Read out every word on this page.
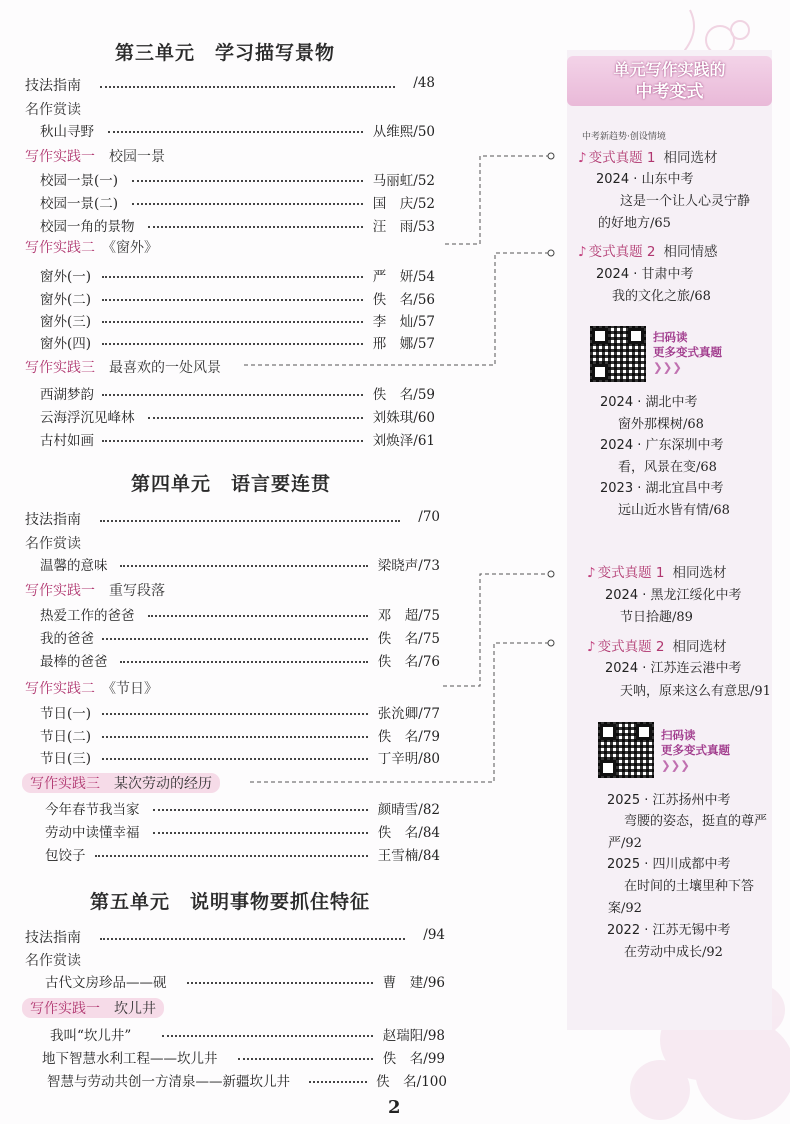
单元写作实践的
中考变式
中考新趋势·创设情境
第三单元　学习描写景物
技法指南	/48
名作赏读
秋山寻野	从维熙/50
写作实践一　 校园一景
校园一景(一)	马丽虹/52
校园一景(二)	国　庆/52
校园一角的景物	汪　雨/53
写作实践二　 《窗外》
窗外(一)	严　妍/54
窗外(二)	佚　名/56
窗外(三)	李　灿/57
窗外(四)	邢　娜/57
写作实践三　 最喜欢的一处风景
西湖梦韵	佚　名/59
云海浮沉见峰林	刘姝琪/60
古村如画	刘焕泽/61
第四单元　语言要连贯
技法指南	/70
名作赏读
温馨的意味	梁晓声/73
写作实践一　 重写段落
热爱工作的爸爸	邓　超/75
我的爸爸	佚　名/75
最棒的爸爸	佚　名/76
写作实践二　 《节日》
节日(一)	张沇卿/77
节日(二)	佚　名/79
节日(三)	丁辛明/80
写作实践三　 某次劳动的经历
今年春节我当家	颜晴雪/82
劳动中读懂幸福	佚　名/84
包饺子	王雪楠/84
第五单元　说明事物要抓住特征
技法指南	/94
名作赏读
古代文房珍品——砚	曹　建/96
写作实践一　 坎儿井
我叫“坎儿井”	赵瑞阳/98
地下智慧水利工程——坎儿井	佚　名/99
智慧与劳动共创一方清泉——新疆坎儿井	佚　名/100
♪ 变式真题 1 相同选材
2024 · 山东中考
这是一个让人心灵宁静
的好地方/65
♪ 变式真题 2 相同情感
2024 · 甘肃中考
我的文化之旅/68
扫码读
更多变式真题
❯❯❯
2024 · 湖北中考
窗外那棵树/68
2024 · 广东深圳中考
看，风景在变/68
2023 · 湖北宜昌中考
远山近水皆有情/68
♪ 变式真题 1 相同选材
2024 · 黑龙江绥化中考
节日拾趣/89
♪ 变式真题 2 相同选材
2024 · 江苏连云港中考
天呐，原来这么有意思/91
扫码读
更多变式真题
❯❯❯
2025 · 江苏扬州中考
弯腰的姿态，挺直的尊严
严/92
2025 · 四川成都中考
在时间的土壤里种下答
案/92
2022 · 江苏无锡中考
在劳动中成长/92
2
